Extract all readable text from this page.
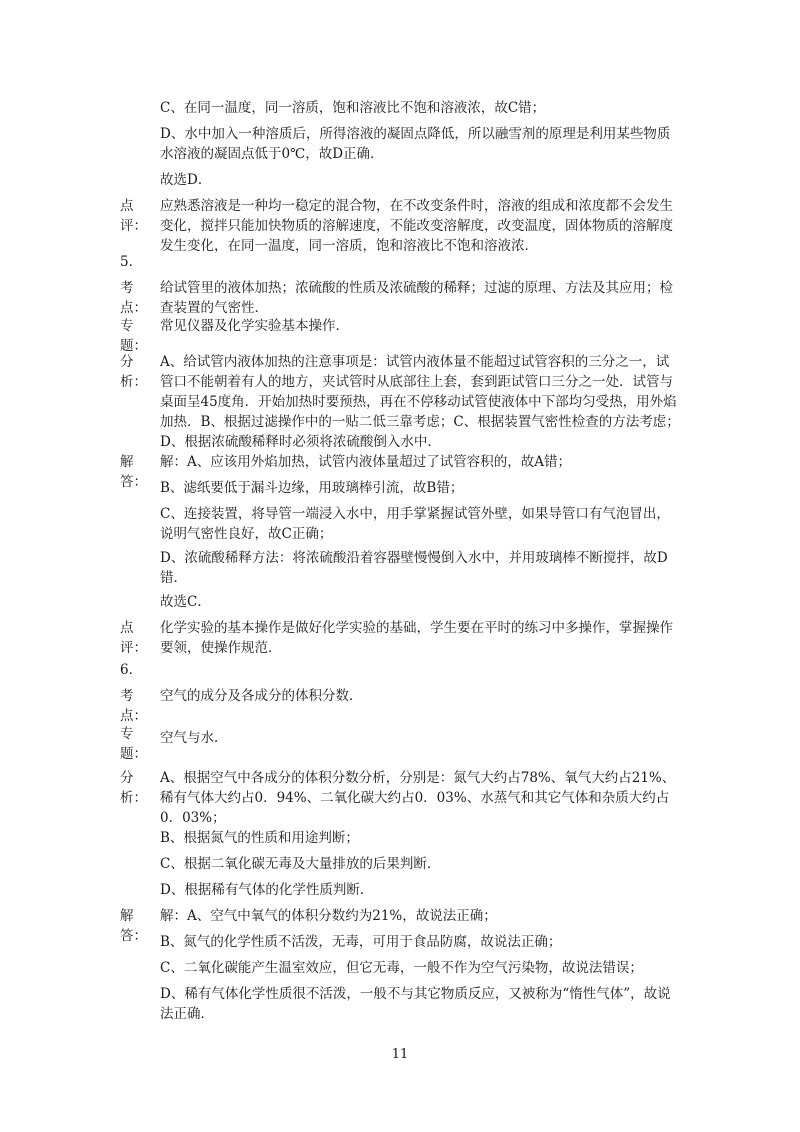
C、在同一温度，同一溶质，饱和溶液比不饱和溶液浓，故C错；

D、水中加入一种溶质后，所得溶液的凝固点降低，所以融雪剂的原理是利用某些物质水溶液的凝固点低于0℃，故D正确．

故选D．

点评：

应熟悉溶液是一种均一稳定的混合物，在不改变条件时，溶液的组成和浓度都不会发生变化，搅拌只能加快物质的溶解速度，不能改变溶解度，改变温度，固体物质的溶解度发生变化，在同一温度，同一溶质，饱和溶液比不饱和溶液浓．

5．

考点：

给试管里的液体加热；浓硫酸的性质及浓硫酸的稀释；过滤的原理、方法及其应用；检查装置的气密性．

专题：

常见仪器及化学实验基本操作．

分析：

A、给试管内液体加热的注意事项是：试管内液体量不能超过试管容积的三分之一，试管口不能朝着有人的地方，夹试管时从底部往上套，套到距试管口三分之一处．试管与桌面呈45度角．开始加热时要预热，再在不停移动试管使液体中下部均匀受热，用外焰加热．B、根据过滤操作中的一贴二低三靠考虑；C、根据装置气密性检查的方法考虑；D、根据浓硫酸稀释时必须将浓硫酸倒入水中．

解答：

解：A、应该用外焰加热，试管内液体量超过了试管容积的，故A错；

B、滤纸要低于漏斗边缘，用玻璃棒引流，故B错；

C、连接装置，将导管一端浸入水中，用手掌紧握试管外壁，如果导管口有气泡冒出，说明气密性良好，故C正确；

D、浓硫酸稀释方法：将浓硫酸沿着容器壁慢慢倒入水中，并用玻璃棒不断搅拌，故D错．

故选C．

点评：

化学实验的基本操作是做好化学实验的基础，学生要在平时的练习中多操作，掌握操作要领，使操作规范．

6．

考点：

空气的成分及各成分的体积分数．

专题：

空气与水．

分析：

A、根据空气中各成分的体积分数分析，分别是：氮气大约占78%、氧气大约占21%、稀有气体大约占0．94%、二氧化碳大约占0．03%、水蒸气和其它气体和杂质大约占0．03%；

B、根据氮气的性质和用途判断；

C、根据二氧化碳无毒及大量排放的后果判断．

D、根据稀有气体的化学性质判断．

解答：

解：A、空气中氧气的体积分数约为21%，故说法正确；

B、氮气的化学性质不活泼，无毒，可用于食品防腐，故说法正确；

C、二氧化碳能产生温室效应，但它无毒，一般不作为空气污染物，故说法错误；

D、稀有气体化学性质很不活泼，一般不与其它物质反应，又被称为“惰性气体”，故说法正确．

11
